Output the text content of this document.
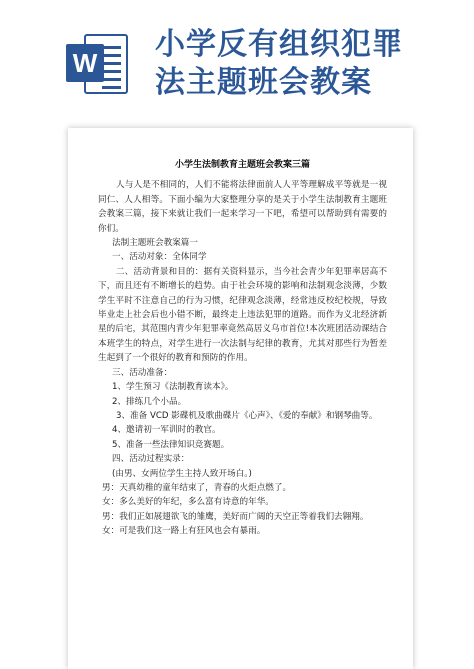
W
小学反有组织犯罪
法主题班会教案
​
小学生法制教育主题班会教案三篇

人与人是不相同的，人们不能将法律面前人人平等理解成平等就是一视同仁、人人相等。下面小编为大家整理分享的是关于小学生法制教育主题班会教案三篇，接下来就让我们一起来学习一下吧，希望可以帮助到有需要的你们。

法制主题班会教案篇一

一、活动对象：全体同学

二、活动背景和目的：据有关资料显示，当今社会青少年犯罪率居高不下，而且还有不断增长的趋势。由于社会环境的影响和法制观念淡薄，少数学生平时不注意自己的行为习惯，纪律观念淡薄，经常违反校纪校规，导致毕业走上社会后也小错不断，最终走上违法犯罪的道路。而作为义北经济新星的后宅，其范围内青少年犯罪率竟然高居义乌市首位!本次班团活动课结合本班学生的特点，对学生进行一次法制与纪律的教育，尤其对那些行为暂差生起到了一个很好的教育和预防的作用。

三、活动准备：

1、学生预习《法制教育读本》。

2、排练几个小品。

3、准备 VCD 影碟机及歌曲碟片《心声》、《爱的奉献》和钢琴曲等。

4、邀请初一军训时的教官。

5、准备一些法律知识竞赛题。

四、活动过程实录：

(由男、女两位学生主持人致开场白。)

男：天真幼稚的童年结束了，青春的火炬点燃了。

女：多么美好的年纪，多么富有诗意的年华。

男：我们正如展翅欲飞的雏鹰，美好而广阔的天空正等着我们去翱翔。

女：可是我们这一路上有狂风也会有暴雨。
